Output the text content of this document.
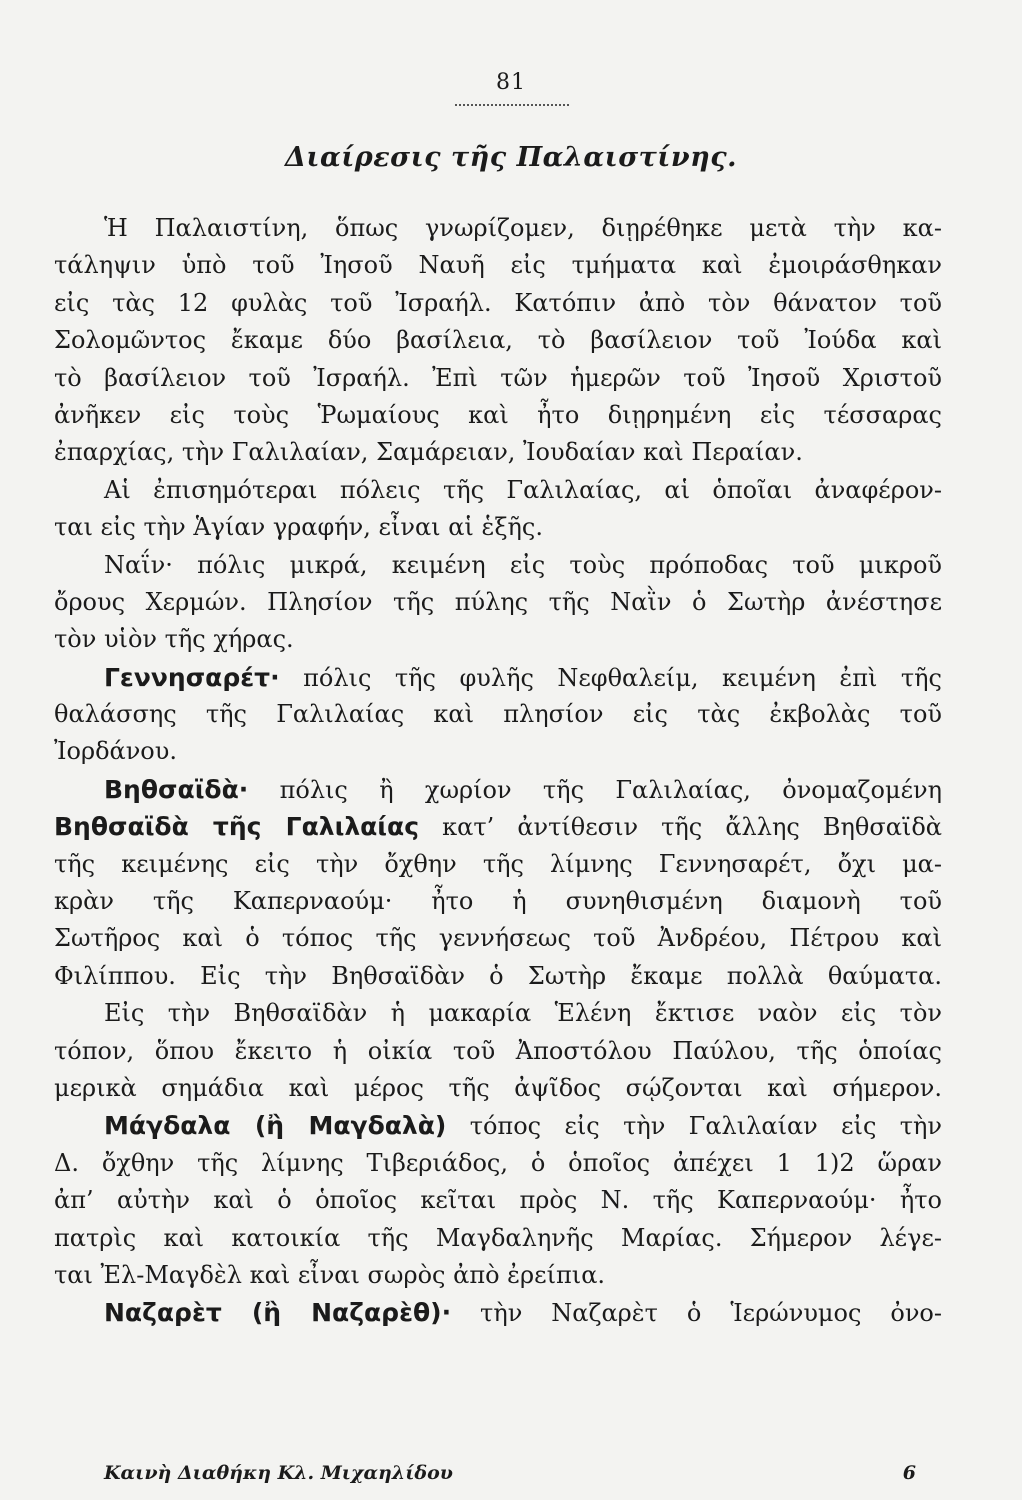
81
Διαίρεσις τῆς Παλαιστίνης.
Ἡ Παλαιστίνη, ὅπως γνωρίζομεν, διῃρέθηκε μετὰ τὴν κα-
τάληψιν ὑπὸ τοῦ Ἰησοῦ Ναυῆ εἰς τμήματα καὶ ἐμοιράσθηκαν
εἰς τὰς 12 φυλὰς τοῦ Ἰσραήλ. Κατόπιν ἀπὸ τὸν θάνατον τοῦ
Σολομῶντος ἔκαμε δύο βασίλεια, τὸ βασίλειον τοῦ Ἰούδα καὶ
τὸ βασίλειον τοῦ Ἰσραήλ. Ἐπὶ τῶν ἡμερῶν τοῦ Ἰησοῦ Χριστοῦ
ἀνῆκεν εἰς τοὺς Ῥωμαίους καὶ ἦτο διῃρημένη εἰς τέσσαρας
ἐπαρχίας, τὴν Γαλιλαίαν, Σαμάρειαν, Ἰουδαίαν καὶ Περαίαν.
Αἱ ἐπισημότεραι πόλεις τῆς Γαλιλαίας, αἱ ὁποῖαι ἀναφέρον-
ται εἰς τὴν Ἁγίαν γραφήν, εἶναι αἱ ἑξῆς.
Ναΐν· πόλις μικρά, κειμένη εἰς τοὺς πρόποδας τοῦ μικροῦ
ὄρους Χερμών. Πλησίον τῆς πύλης τῆς Ναῒν ὁ Σωτὴρ ἀνέστησε
τὸν υἱὸν τῆς χήρας.
Γεννησαρέτ· πόλις τῆς φυλῆς Νεφθαλείμ, κειμένη ἐπὶ τῆς
θαλάσσης τῆς Γαλιλαίας καὶ πλησίον εἰς τὰς ἐκβολὰς τοῦ
Ἰορδάνου.
Βηθσαϊδὰ· πόλις ἢ χωρίον τῆς Γαλιλαίας, ὀνομαζομένη
Βηθσαϊδὰ τῆς Γαλιλαίας κατ’ ἀντίθεσιν τῆς ἄλλης Βηθσαϊδὰ
τῆς κειμένης εἰς τὴν ὄχθην τῆς λίμνης Γεννησαρέτ, ὄχι μα-
κρὰν τῆς Καπερναούμ· ἦτο ἡ συνηθισμένη διαμονὴ τοῦ
Σωτῆρος καὶ ὁ τόπος τῆς γεννήσεως τοῦ Ἀνδρέου, Πέτρου καὶ
Φιλίππου. Εἰς τὴν Βηθσαϊδὰν ὁ Σωτὴρ ἔκαμε πολλὰ θαύματα.
Εἰς τὴν Βηθσαϊδὰν ἡ μακαρία Ἑλένη ἔκτισε ναὸν εἰς τὸν
τόπον, ὅπου ἔκειτο ἡ οἰκία τοῦ Ἀποστόλου Παύλου, τῆς ὁποίας
μερικὰ σημάδια καὶ μέρος τῆς ἀψῖδος σῴζονται καὶ σήμερον.
Μάγδαλα (ἢ Μαγδαλὰ) τόπος εἰς τὴν Γαλιλαίαν εἰς τὴν
Δ. ὄχθην τῆς λίμνης Τιβεριάδος, ὁ ὁποῖος ἀπέχει 1 1)2 ὥραν
ἀπ’ αὐτὴν καὶ ὁ ὁποῖος κεῖται πρὸς Ν. τῆς Καπερναούμ· ἦτο
πατρὶς καὶ κατοικία τῆς Μαγδαληνῆς Μαρίας. Σήμερον λέγε-
ται Ἐλ-Μαγδὲλ καὶ εἶναι σωρὸς ἀπὸ ἐρείπια.
Ναζαρὲτ (ἢ Ναζαρὲθ)· τὴν Ναζαρὲτ ὁ Ἱερώνυμος ὀνο-
Καινὴ Διαθήκη Κλ. Μιχαηλίδου	6
